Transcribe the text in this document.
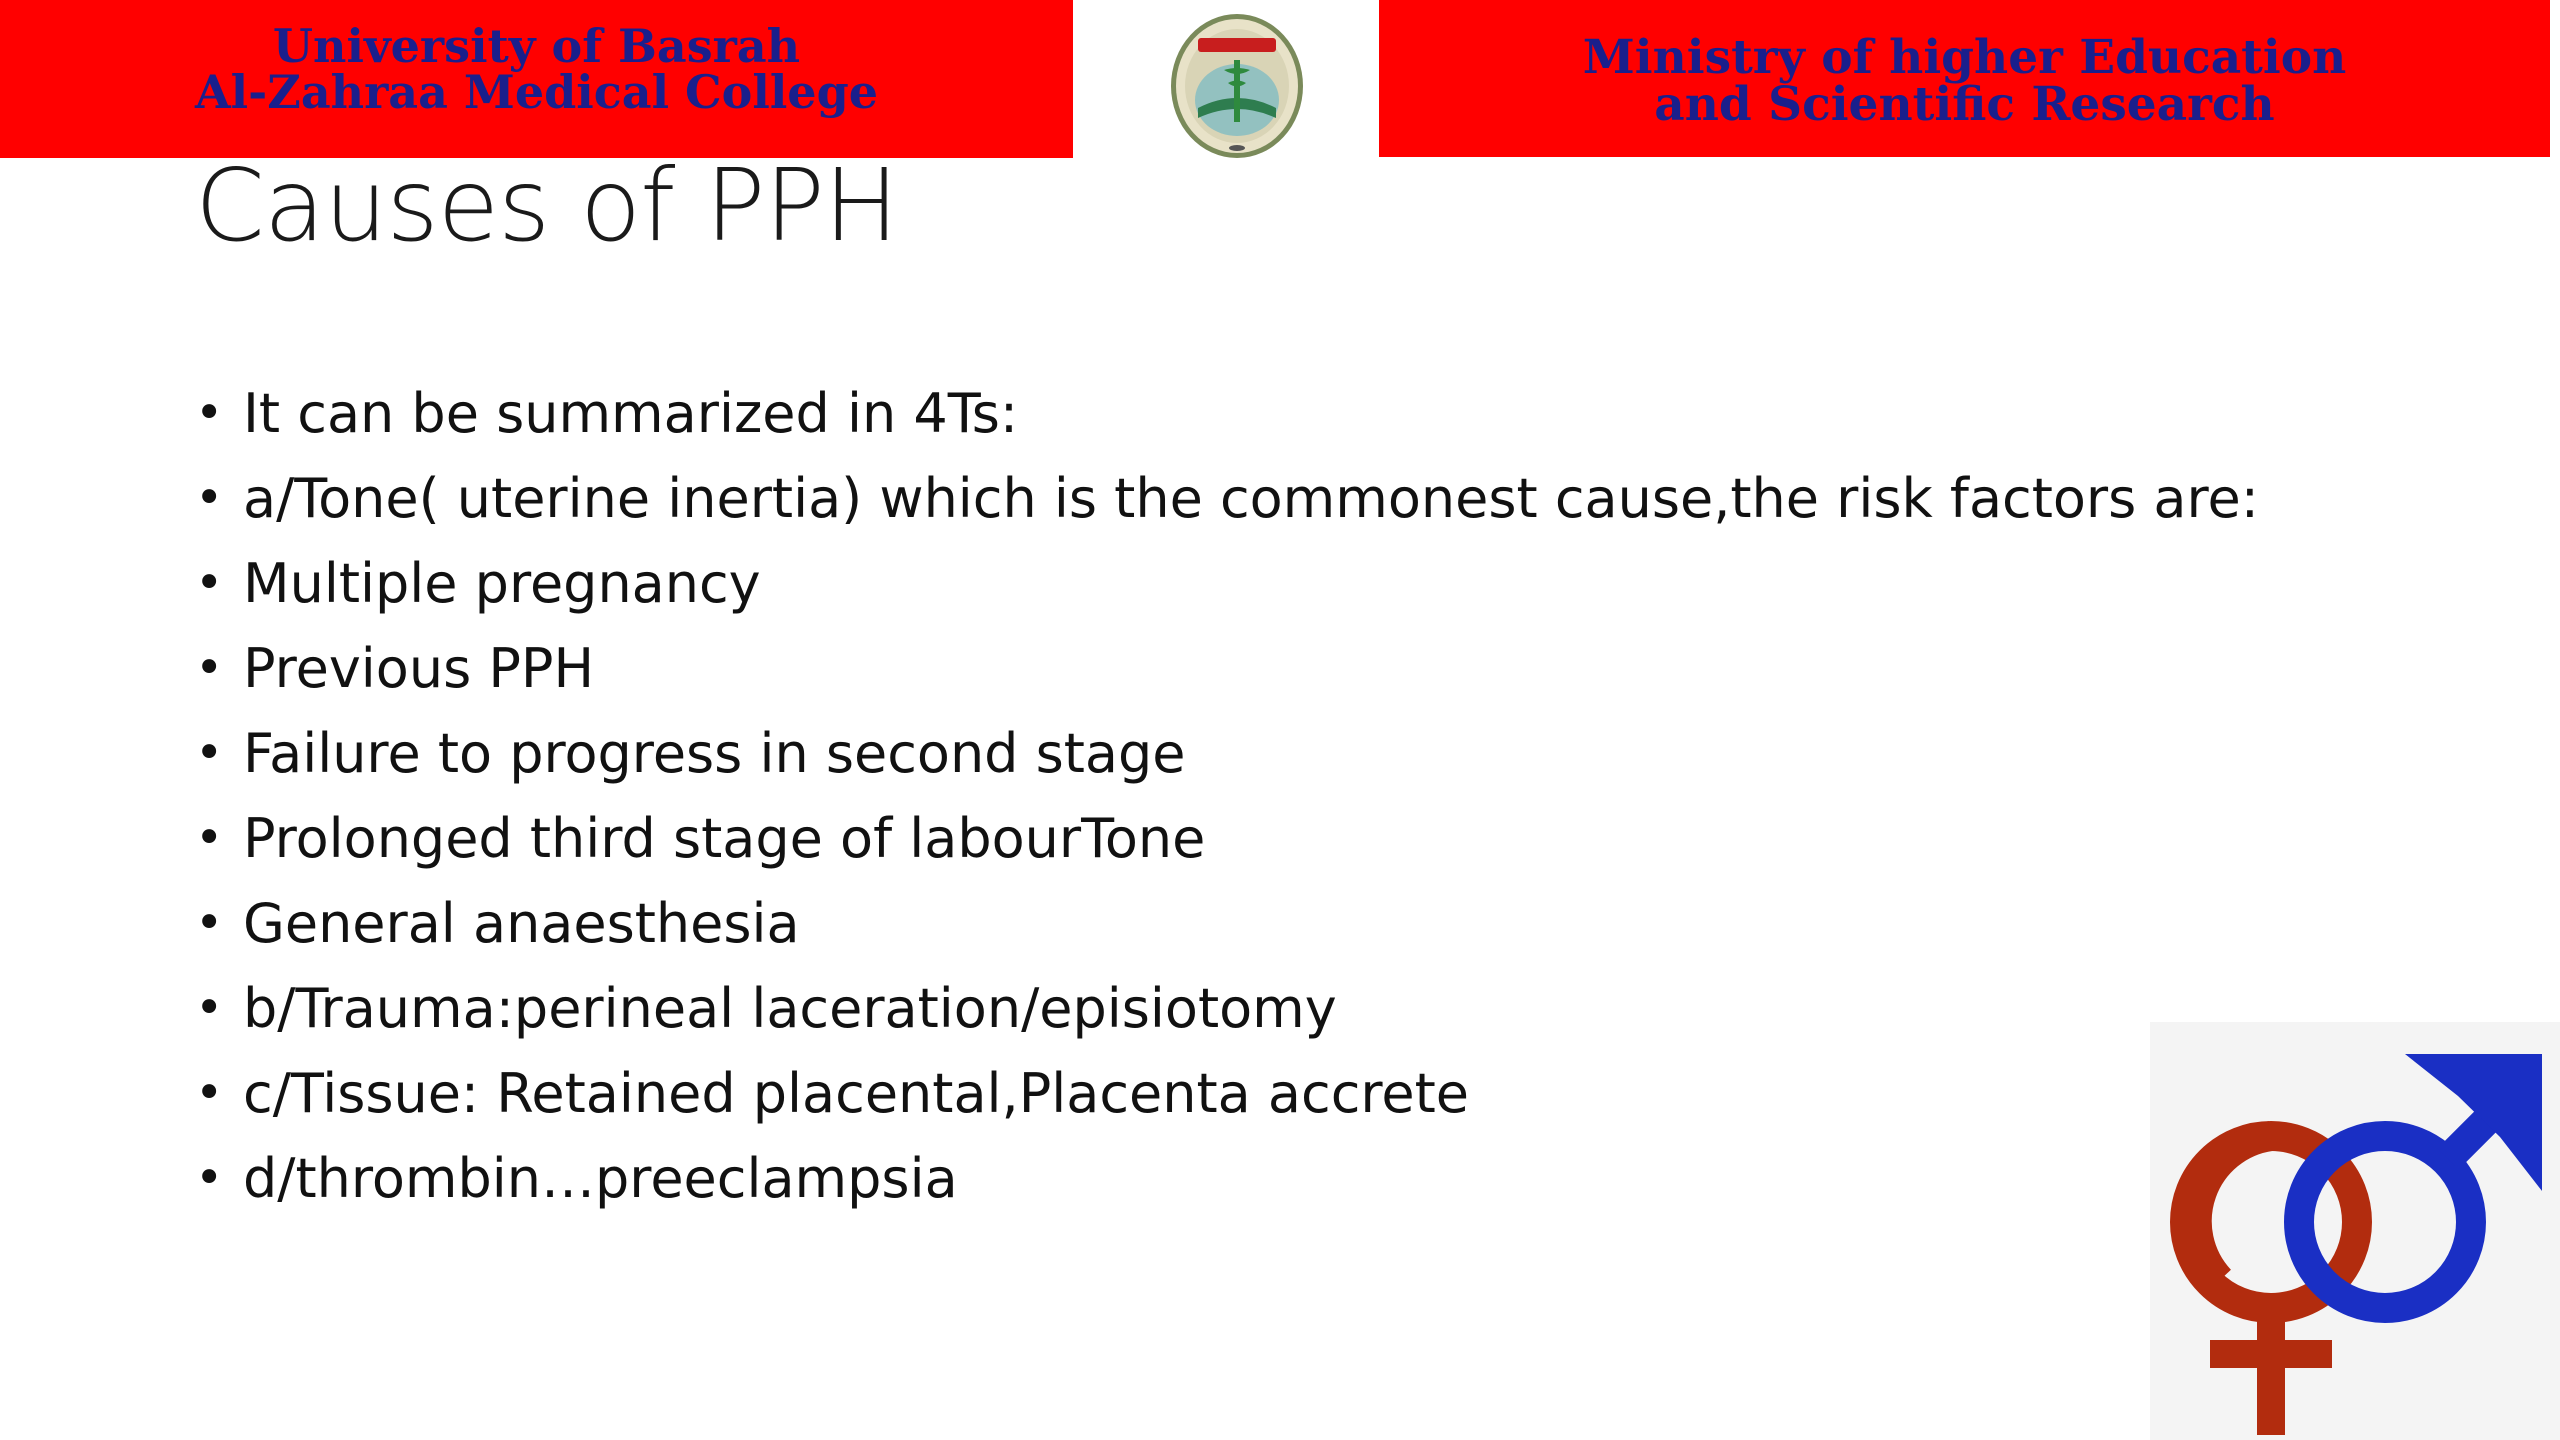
University of Basrah
Al-Zahraa Medical College
Ministry of higher Education
and Scientific Research
Causes of PPH
• It can be summarized in 4Ts:
• a/Tone( uterine inertia) which is the commonest cause,the risk factors are:
• Multiple pregnancy
• Previous PPH
• Failure to progress in second stage
• Prolonged third stage of labourTone
• General anaesthesia
• b/Trauma:perineal laceration/episiotomy
• c/Tissue: Retained placental,Placenta accrete
• d/thrombin…preeclampsia
